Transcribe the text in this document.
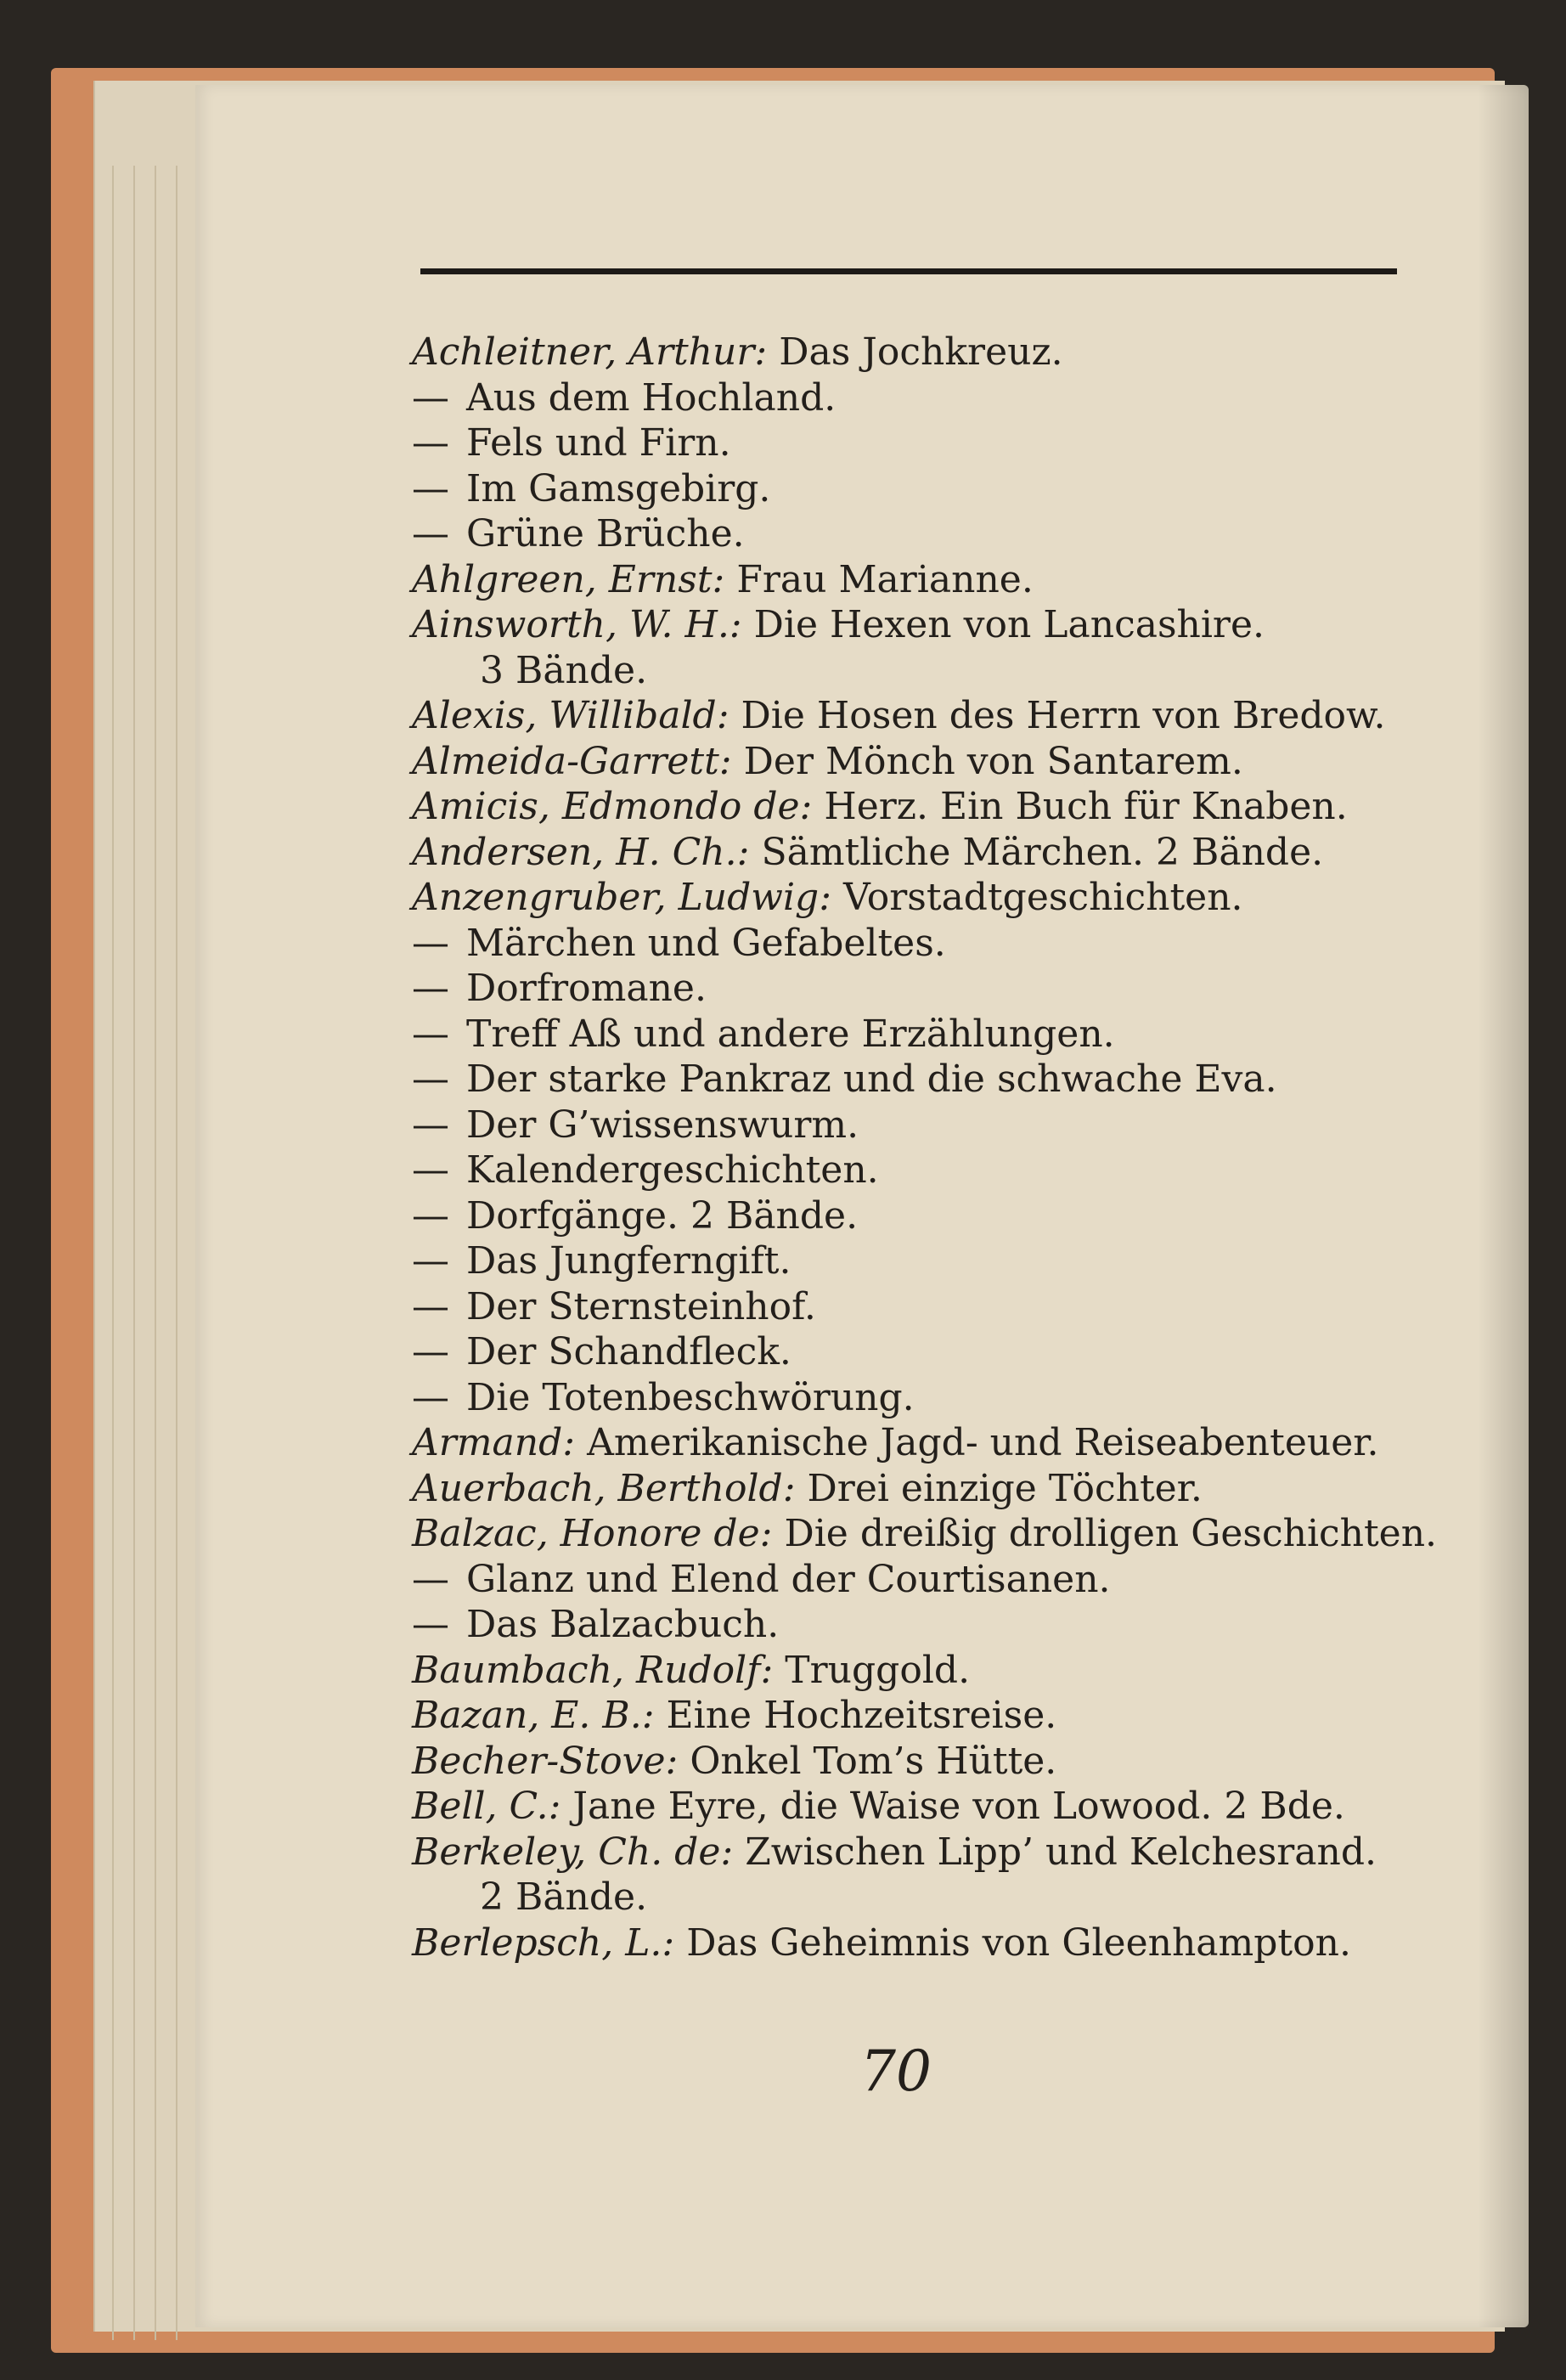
Achleitner, Arthur: Das Jochkreuz.
— Aus dem Hochland.
— Fels und Firn.
— Im Gamsgebirg.
— Grüne Brüche.
Ahlgreen, Ernst: Frau Marianne.
Ainsworth, W. H.: Die Hexen von Lancashire.
3 Bände.
Alexis, Willibald: Die Hosen des Herrn von Bredow.
Almeida-Garrett: Der Mönch von Santarem.
Amicis, Edmondo de: Herz. Ein Buch für Knaben.
Andersen, H. Ch.: Sämtliche Märchen. 2 Bände.
Anzengruber, Ludwig: Vorstadtgeschichten.
— Märchen und Gefabeltes.
— Dorfromane.
— Treff Aß und andere Erzählungen.
— Der starke Pankraz und die schwache Eva.
— Der G’wissenswurm.
— Kalendergeschichten.
— Dorfgänge. 2 Bände.
— Das Jungferngift.
— Der Sternsteinhof.
— Der Schandfleck.
— Die Totenbeschwörung.
Armand: Amerikanische Jagd- und Reiseabenteuer.
Auerbach, Berthold: Drei einzige Töchter.
Balzac, Honore de: Die dreißig drolligen Geschichten.
— Glanz und Elend der Courtisanen.
— Das Balzacbuch.
Baumbach, Rudolf: Truggold.
Bazan, E. B.: Eine Hochzeitsreise.
Becher-Stove: Onkel Tom’s Hütte.
Bell, C.: Jane Eyre, die Waise von Lowood. 2 Bde.
Berkeley, Ch. de: Zwischen Lipp’ und Kelchesrand.
2 Bände.
Berlepsch, L.: Das Geheimnis von Gleenhampton.
70
